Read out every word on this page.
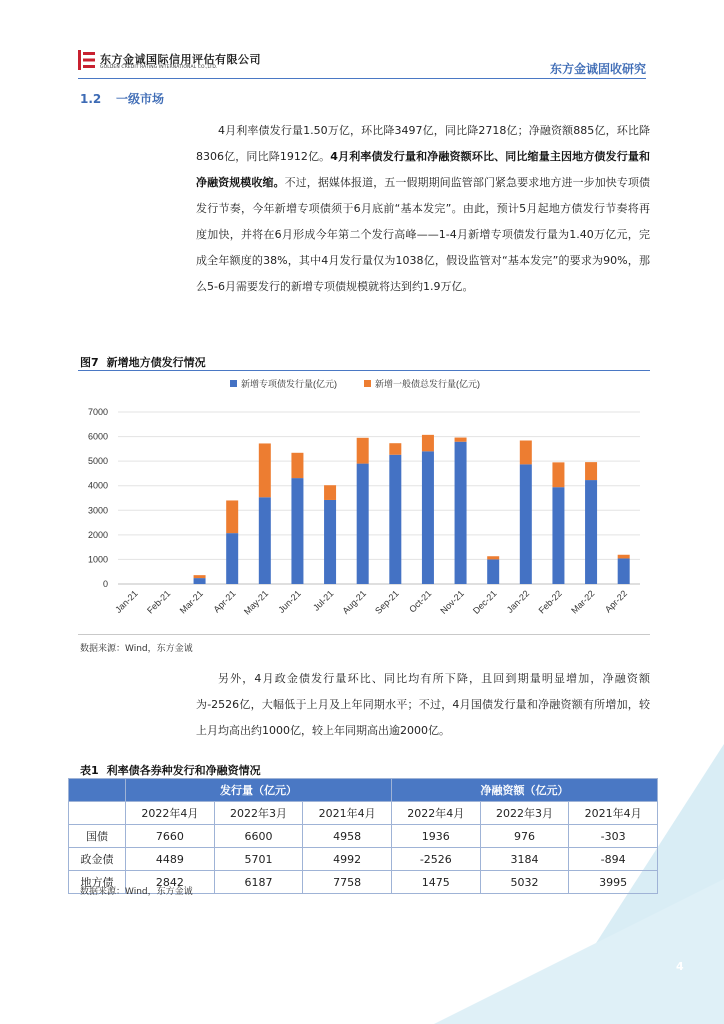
4
东方金诚国际信用评估有限公司
GOLDEN CREDIT RATING INTERNATIONAL CO.,LTD.	东方金诚固收研究
1.2 一级市场

4月利率债发行量1.50万亿，环比降3497亿，同比降2718亿；净融资额885亿，环比降8306亿，同比降1912亿。4月利率债发行量和净融资额环比、同比缩量主因地方债发行量和净融资规模收缩。不过，据媒体报道，五一假期期间监管部门紧急要求地方进一步加快专项债发行节奏，今年新增专项债须于6月底前“基本发完”。由此，预计5月起地方债发行节奏将再度加快，并将在6月形成今年第二个发行高峰——1-4月新增专项债发行量为1.40万亿元，完成全年额度的38%，其中4月发行量仅为1038亿，假设监管对“基本发完”的要求为90%，那么5-6月需要发行的新增专项债规模就将达到约1.9万亿。

图7 新增地方债发行情况
新增专项债发行量(亿元)	新增一般债总发行量(亿元)
0
1000
2000
3000
4000
5000
6000
7000
Jan-21 Feb-21 Mar-21 Apr-21 May-21 Jun-21 Jul-21 Aug-21 Sep-21 Oct-21 Nov-21 Dec-21 Jan-22 Feb-22 Mar-22 Apr-22
数据来源：Wind，东方金诚

另外，4月政金债发行量环比、同比均有所下降，且回到期量明显增加，净融资额为-2526亿，大幅低于上月及上年同期水平；不过，4月国债发行量和净融资额有所增加，较上月均高出约1000亿，较上年同期高出逾2000亿。

表1 利率债各券种发行和净融资情况
	发行量（亿元）			净融资额（亿元）		
	2022年4月	2022年3月	2021年4月	2022年4月	2022年3月	2021年4月
国债	7660	6600	4958	1936	976	-303
政金债	4489	5701	4992	-2526	3184	-894
地方债	2842	6187	7758	1475	5032	3995
数据来源：Wind，东方金诚
